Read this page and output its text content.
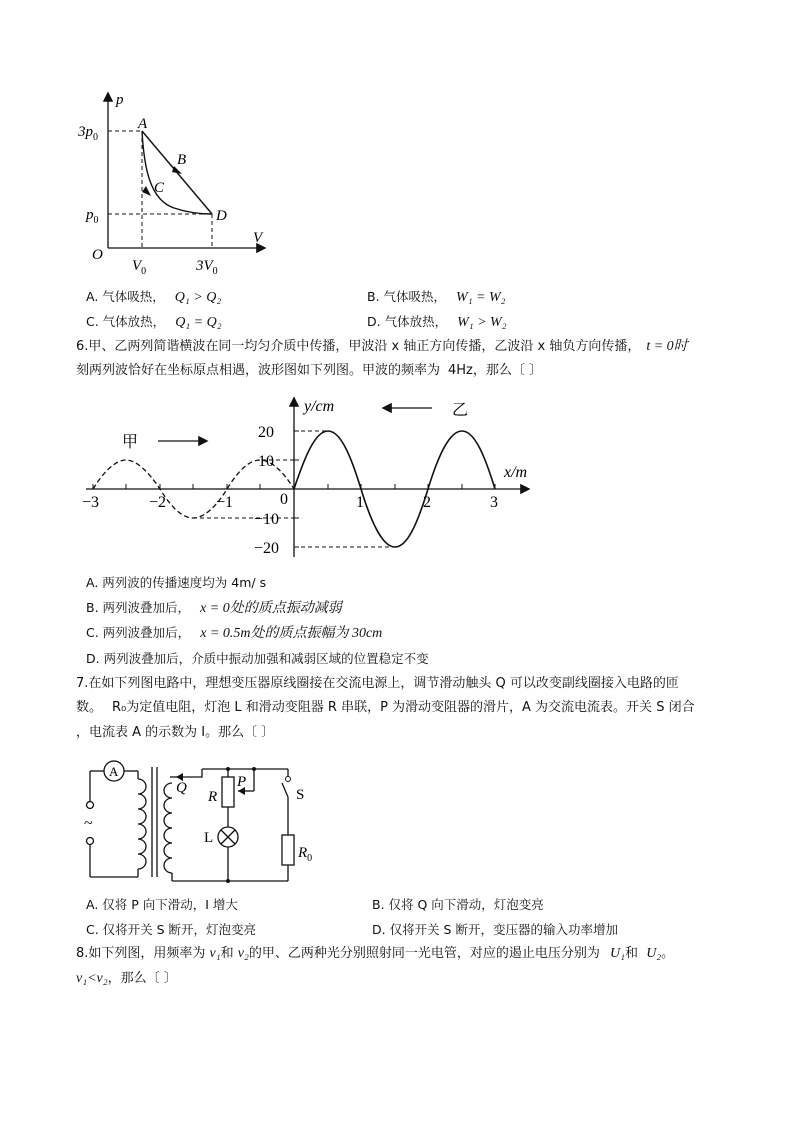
p
V
O
$3p_0$
$p_0$
$V_0$	$3V_0$
A
B
C
D
A. 气体吸热， Q₁ > Q₂	B. 气体吸热， W₁ = W₂
C. 气体放热， Q₁ = Q₂	D. 气体放热， W₁ > W₂
6.甲、乙两列简谐横波在同一均匀介质中传播，甲波沿 x 轴正方向传播，乙波沿 x 轴负方向传播， t = 0时
刻两列波恰好在坐标原点相遇，波形图如下列图。甲波的频率为 4Hz，那么〔 〕
20
10
0
−10
−20
−3	−2	−1	1	2	3
y/cm
x/m
甲
乙
A. 两列波的传播速度均为 4m/ s
B. 两列波叠加后， x = 0处的质点振动减弱
C. 两列波叠加后， x = 0.5m处的质点振幅为 30cm
D. 两列波叠加后，介质中振动加强和减弱区域的位置稳定不变
7.在如下列图电路中，理想变压器原线圈接在交流电源上，调节滑动触头 Q 可以改变副线圈接入电路的匝
数。 R₀为定值电阻，灯泡 L 和滑动变阻器 R 串联，P 为滑动变阻器的滑片，A 为交流电流表。开关 S 闭合
，电流表 A 的示数为 I。那么〔 〕
A
~
Q
R
P
S
L
$R_0$
A. 仅将 P 向下滑动，I 增大	B. 仅将 Q 向下滑动，灯泡变亮
C. 仅将开关 S 断开，灯泡变亮	D. 仅将开关 S 断开，变压器的输入功率增加
8.如下列图，用频率为 ν₁和 ν₂的甲、乙两种光分别照射同一光电管，对应的遏止电压分别为 U₁和 U₂。
ν₁<ν₂，那么〔 〕
